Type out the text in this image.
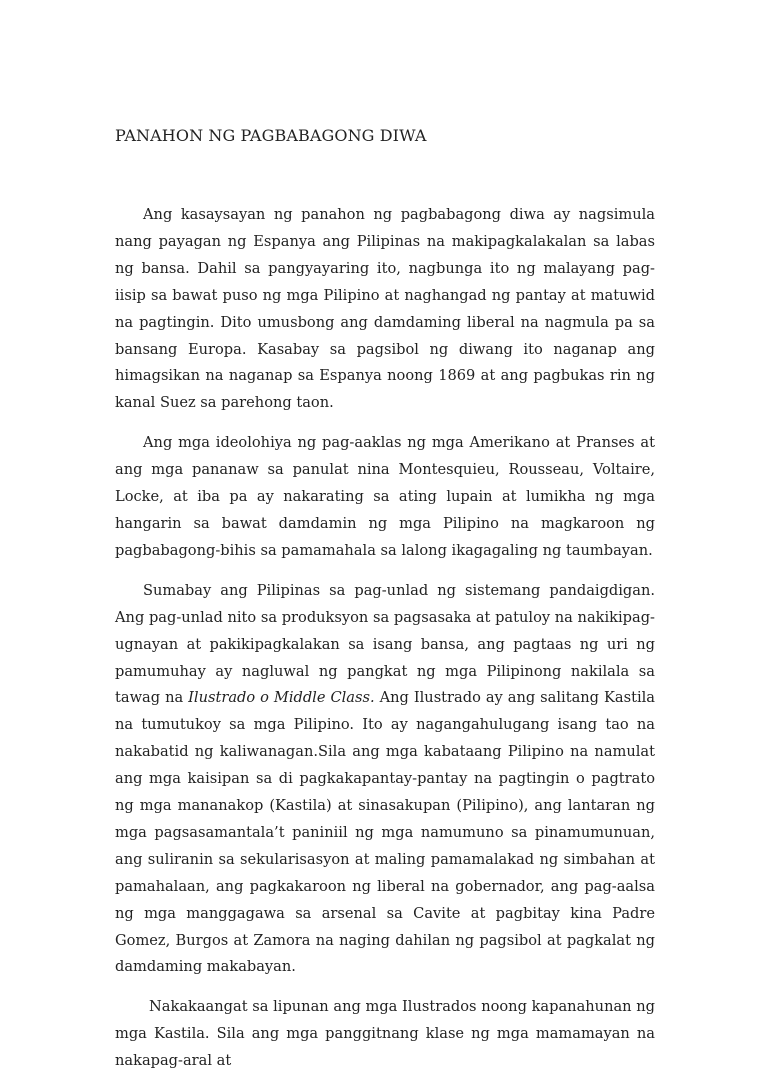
PANAHON NG PAGBABAGONG DIWA

Ang kasaysayan ng panahon ng pagbabagong diwa ay nagsimula nang payagan ng Espanya ang Pilipinas na makipagkalakalan sa labas ng bansa. Dahil sa pangyayaring ito, nagbunga ito ng malayang pag-iisip sa bawat puso ng mga Pilipino at naghangad ng pantay at matuwid na pagtingin. Dito umusbong ang damdaming liberal na nagmula pa sa bansang Europa. Kasabay sa pagsibol ng diwang ito naganap ang himagsikan na naganap sa Espanya noong 1869 at ang pagbukas rin ng kanal Suez sa parehong taon.

Ang mga ideolohiya ng pag-aaklas ng mga Amerikano at Pranses at ang mga pananaw sa panulat nina Montesquieu, Rousseau, Voltaire, Locke, at iba pa ay nakarating sa ating lupain at lumikha ng mga hangarin sa bawat damdamin ng mga Pilipino na magkaroon ng pagbabagong-bihis sa pamamahala sa lalong ikagagaling ng taumbayan.

Sumabay ang Pilipinas sa pag-unlad ng sistemang pandaigdigan. Ang pag-unlad nito sa produksyon sa pagsasaka at patuloy na nakikipag-ugnayan at pakikipagkalakan sa isang bansa, ang pagtaas ng uri ng pamumuhay ay nagluwal ng pangkat ng mga Pilipinong nakilala sa tawag na Ilustrado o Middle Class. Ang Ilustrado ay ang salitang Kastila na tumutukoy sa mga Pilipino. Ito ay nagangahulugang isang tao na nakabatid ng kaliwanagan.Sila ang mga kabataang Pilipino na namulat ang mga kaisipan sa di pagkakapantay-pantay na pagtingin o pagtrato ng mga mananakop (Kastila) at sinasakupan (Pilipino), ang lantaran ng mga pagsasamantala’t paniniil ng mga namumuno sa pinamumunuan, ang suliranin sa sekularisasyon at maling pamamalakad ng simbahan at pamahalaan, ang pagkakaroon ng liberal na gobernador, ang pag-aalsa ng mga manggagawa sa arsenal sa Cavite at pagbitay kina Padre Gomez, Burgos at Zamora na naging dahilan ng pagsibol at pagkalat ng damdaming makabayan.

Nakakaangat sa lipunan ang mga Ilustrados noong kapanahunan ng mga Kastila. Sila ang mga panggitnang klase ng mga mamamayan na nakapag-aral at
